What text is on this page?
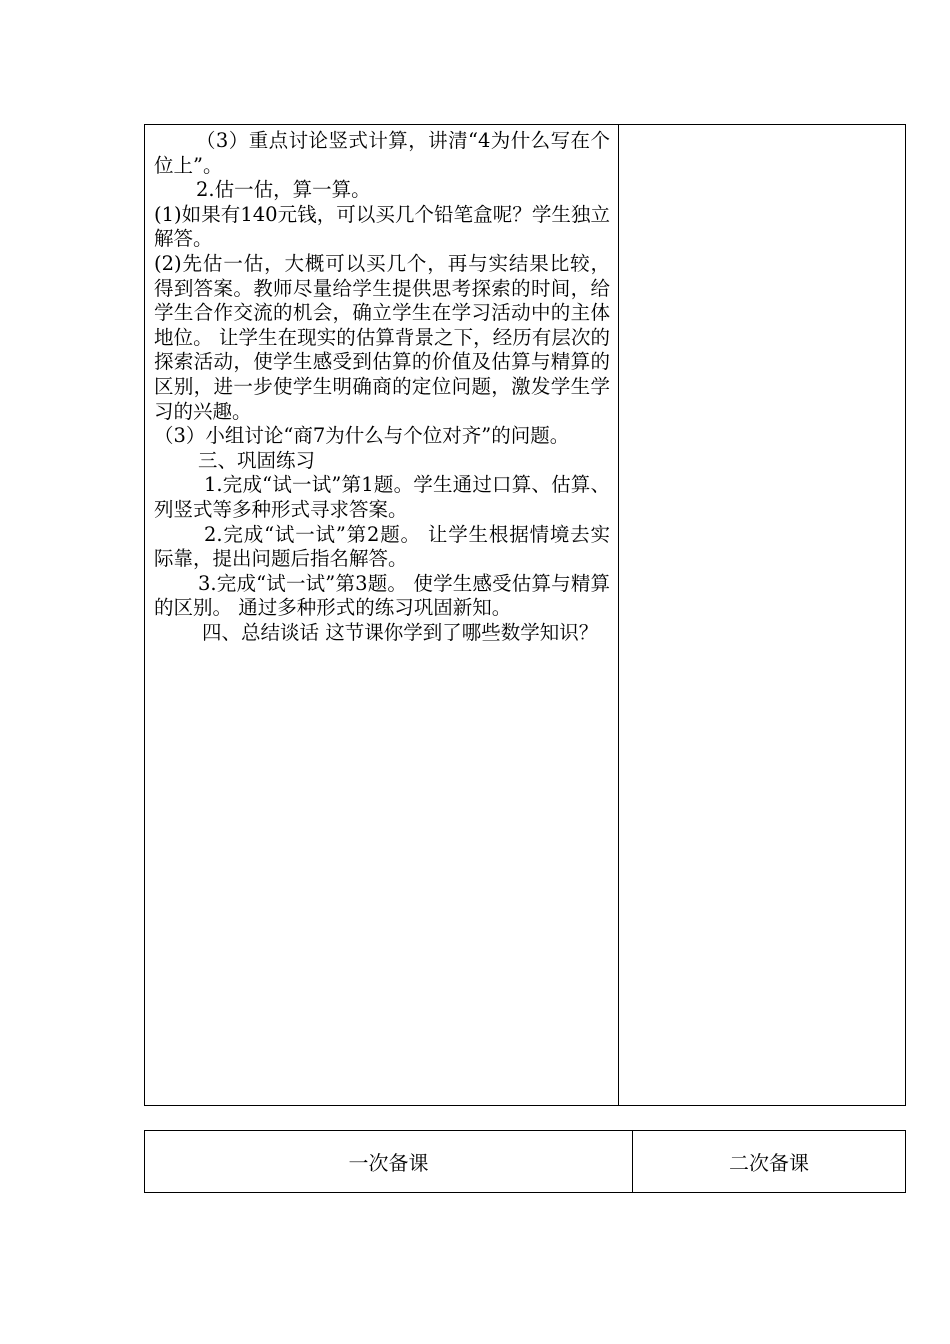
（3）重点讨论竖式计算，讲清“4为什么写在个位上”。

2.估一估，算一算。

(1)如果有140元钱，可以买几个铅笔盒呢？学生独立解答。

(2)先估一估，大概可以买几个，再与实结果比较，得到答案。教师尽量给学生提供思考探索的时间，给学生合作交流的机会，确立学生在学习活动中的主体地位。 让学生在现实的估算背景之下，经历有层次的探索活动，使学生感受到估算的价值及估算与精算的区别，进一步使学生明确商的定位问题，激发学生学习的兴趣。

（3）小组讨论“商7为什么与个位对齐”的问题。

三、巩固练习

1.完成“试一试”第1题。学生通过口算、估算、列竖式等多种形式寻求答案。

2.完成“试一试”第2题。 让学生根据情境去实际靠，提出问题后指名解答。

3.完成“试一试”第3题。 使学生感受估算与精算的区别。 通过多种形式的练习巩固新知。

四、总结谈话 这节课你学到了哪些数学知识？

一次备课	二次备课
